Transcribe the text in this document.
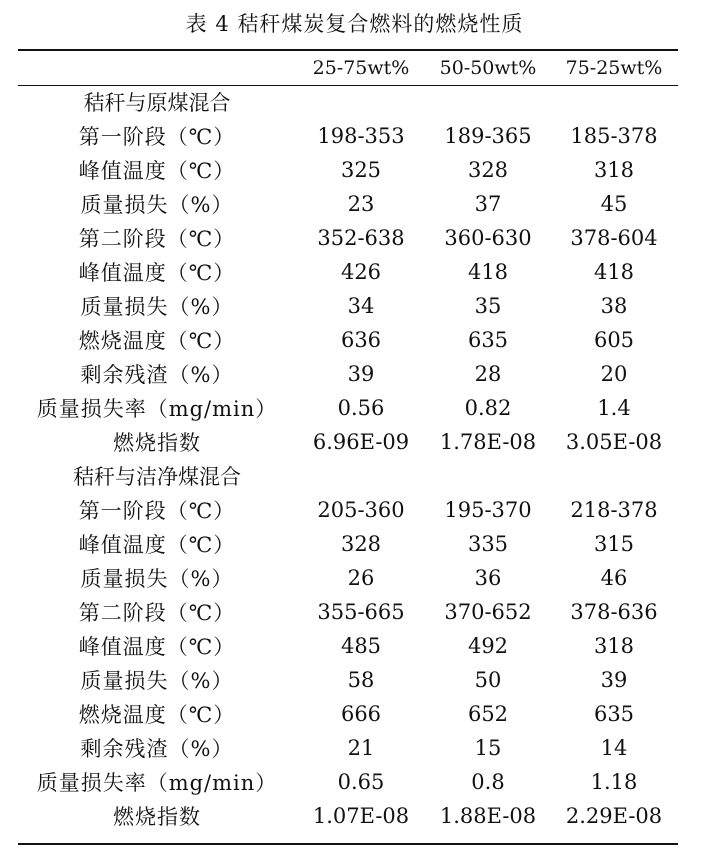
表 4 秸秆煤炭复合燃料的燃烧性质
	25-75wt%	50-50wt%	75-25wt%
秸秆与原煤混合			
第一阶段（℃）	198-353	189-365	185-378
峰值温度（℃）	325	328	318
质量损失（%）	23	37	45
第二阶段（℃）	352-638	360-630	378-604
峰值温度（℃）	426	418	418
质量损失（%）	34	35	38
燃烧温度（℃）	636	635	605
剩余残渣（%）	39	28	20
质量损失率（mg/min）	0.56	0.82	1.4
燃烧指数	6.96E-09	1.78E-08	3.05E-08
秸秆与洁净煤混合			
第一阶段（℃）	205-360	195-370	218-378
峰值温度（℃）	328	335	315
质量损失（%）	26	36	46
第二阶段（℃）	355-665	370-652	378-636
峰值温度（℃）	485	492	318
质量损失（%）	58	50	39
燃烧温度（℃）	666	652	635
剩余残渣（%）	21	15	14
质量损失率（mg/min）	0.65	0.8	1.18
燃烧指数	1.07E-08	1.88E-08	2.29E-08
